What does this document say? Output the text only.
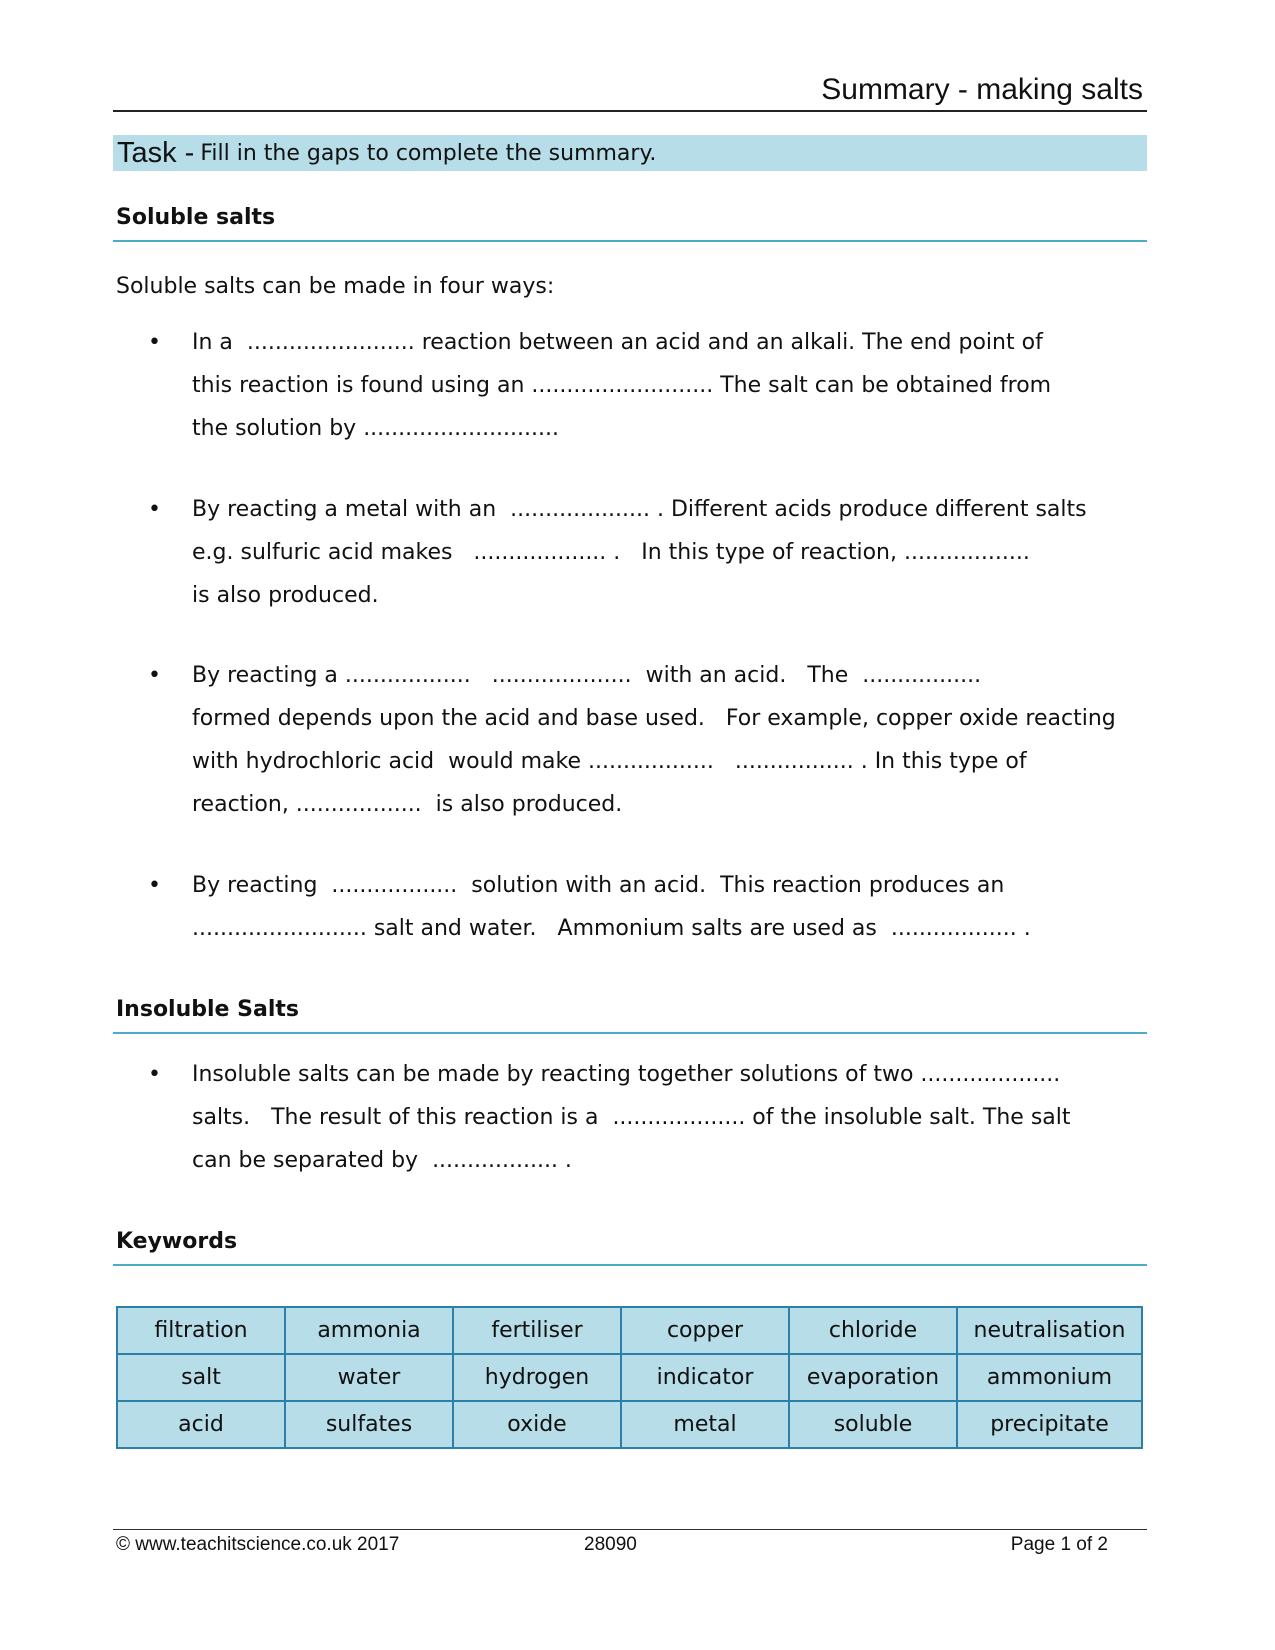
Summary - making salts
Task - Fill in the gaps to complete the summary.
Soluble salts
Soluble salts can be made in four ways:
• In a  ........................ reaction between an acid and an alkali. The end point of
this reaction is found using an .......................... The salt can be obtained from
the solution by ............................
• By reacting a metal with an  .................... . Different acids produce different salts
e.g. sulfuric acid makes   ................... .   In this type of reaction, ..................
is also produced.
• By reacting a ..................   ....................  with an acid.   The  .................
formed depends upon the acid and base used.   For example, copper oxide reacting
with hydrochloric acid  would make ..................   ................. . In this type of
reaction, ..................  is also produced.
• By reacting  ..................  solution with an acid.  This reaction produces an
......................... salt and water.   Ammonium salts are used as  .................. .
Insoluble Salts
• Insoluble salts can be made by reacting together solutions of two ....................
salts.   The result of this reaction is a  ................... of the insoluble salt. The salt
can be separated by  .................. .
Keywords
filtration	ammonia	fertiliser	copper	chloride	neutralisation
salt	water	hydrogen	indicator	evaporation	ammonium
acid	sulfates	oxide	metal	soluble	precipitate
© www.teachitscience.co.uk 2017	28090	Page 1 of 2
